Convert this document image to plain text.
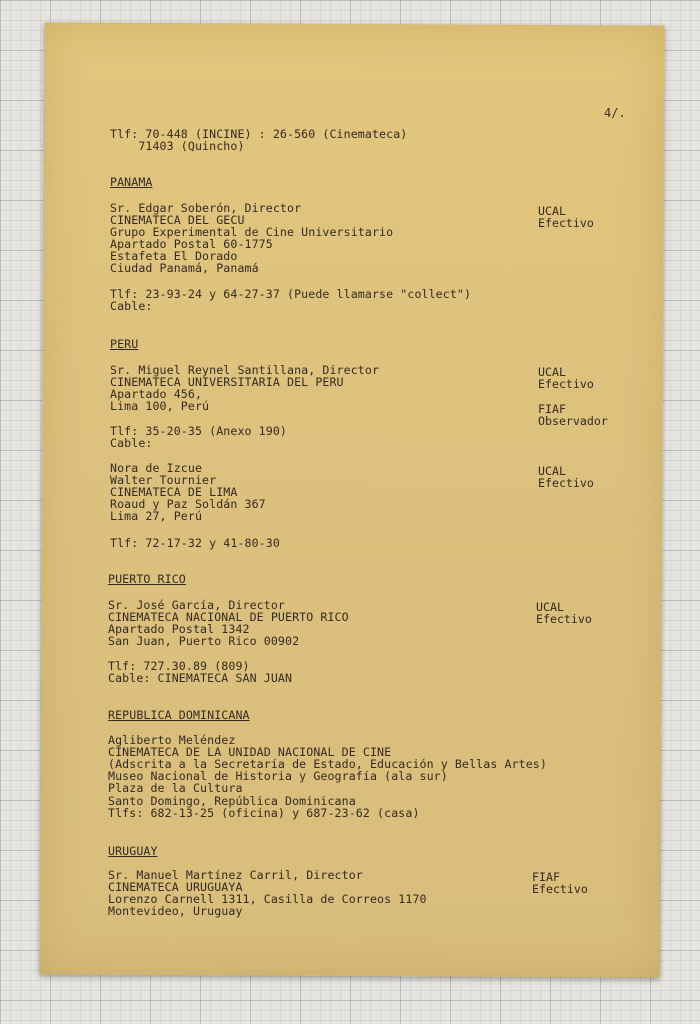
4/.
Tlf: 70-448 (INCINE) : 26-560 (Cinemateca)
71403 (Quincho)
PANAMA
Sr. Edgar Soberón, Director
CINEMATECA DEL GECU
Grupo Experimental de Cine Universitario
Apartado Postal 60-1775
Estafeta El Dorado
Ciudad Panamá, Panamá
UCAL
Efectivo
Tlf: 23-93-24 y 64-27-37 (Puede llamarse "collect")
Cable:
PERU
Sr. Miguel Reynel Santillana, Director
CINEMATECA UNIVERSITARIA DEL PERU
Apartado 456,
Lima 100, Perú
UCAL
Efectivo
FIAF
Observador
Tlf: 35-20-35 (Anexo 190)
Cable:
Nora de Izcue
Walter Tournier
CINEMATECA DE LIMA
Roaud y Paz Soldán 367
Lima 27, Perú
UCAL
Efectivo
Tlf: 72-17-32 y 41-80-30
PUERTO RICO
Sr. José García, Director
CINEMATECA NACIONAL DE PUERTO RICO
Apartado Postal 1342
San Juan, Puerto Rico 00902
UCAL
Efectivo
Tlf: 727.30.89 (809)
Cable: CINEMATECA SAN JUAN
REPUBLICA DOMINICANA
Agliberto Meléndez
CINEMATECA DE LA UNIDAD NACIONAL DE CINE
(Adscrita a la Secretaría de Estado, Educación y Bellas Artes)
Museo Nacional de Historia y Geografía (ala sur)
Plaza de la Cultura
Santo Domingo, República Dominicana
Tlfs: 682-13-25 (oficina) y 687-23-62 (casa)
URUGUAY
Sr. Manuel Martínez Carril, Director
CINEMATECA URUGUAYA
Lorenzo Carnell 1311, Casilla de Correos 1170
Montevideo, Uruguay
FIAF
Efectivo
